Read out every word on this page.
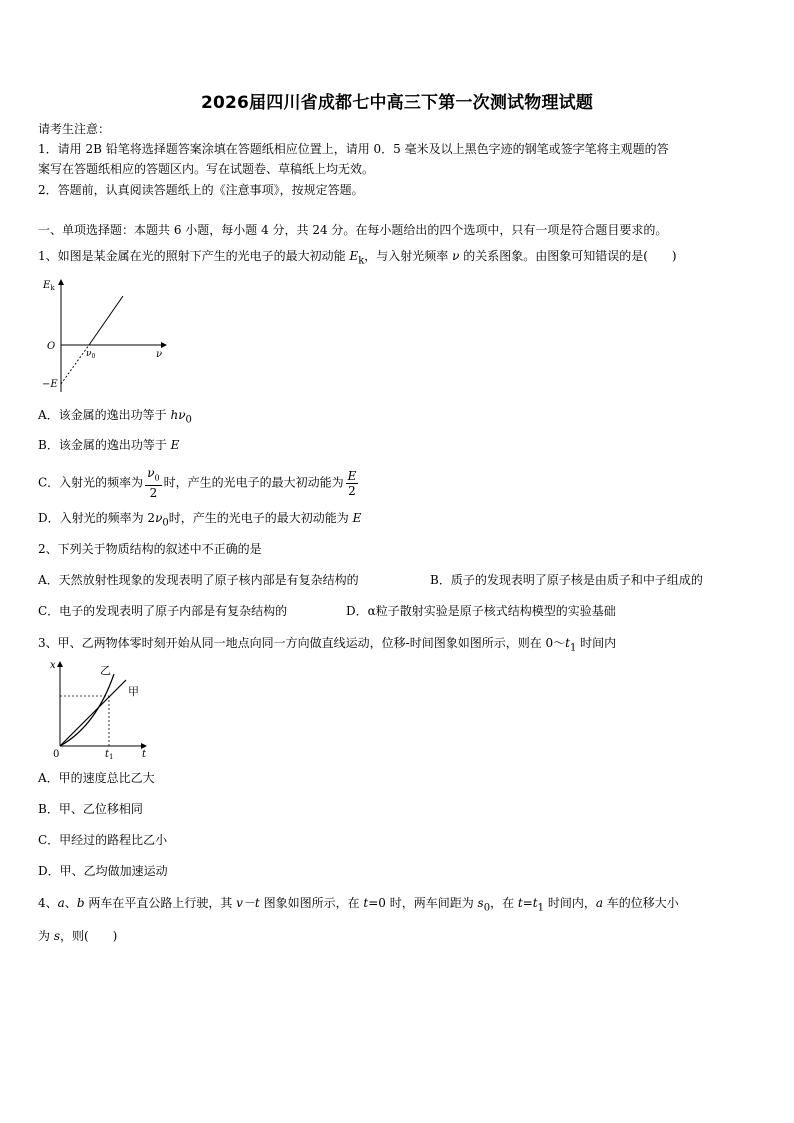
2026届四川省成都七中高三下第一次测试物理试题
请考生注意：
1．请用 2B 铅笔将选择题答案涂填在答题纸相应位置上，请用 0．5 毫米及以上黑色字迹的钢笔或签字笔将主观题的答
案写在答题纸相应的答题区内。写在试题卷、草稿纸上均无效。
2．答题前，认真阅读答题纸上的《注意事项》，按规定答题。
一、单项选择题：本题共 6 小题，每小题 4 分，共 24 分。在每小题给出的四个选项中，只有一项是符合题目要求的。
1、如图是某金属在光的照射下产生的光电子的最大初动能 $E_k$，与入射光频率 ν 的关系图象。由图象可知错误的是(　　)
$E_k$
O
ν
$\nu_0$
−E
A．该金属的逸出功等于 $h\nu_0$
B．该金属的逸出功等于 E
C．入射光的频率为 $\frac{\nu_0}{2}$ 时，产生的光电子的最大初动能为 $\frac{E}{2}$
D．入射光的频率为 $2\nu_0$时，产生的光电子的最大初动能为 E
2、下列关于物质结构的叙述中不正确的是
A．天然放射性现象的发现表明了原子核内部是有复杂结构的	B．质子的发现表明了原子核是由质子和中子组成的
C．电子的发现表明了原子内部是有复杂结构的	D．α粒子散射实验是原子核式结构模型的实验基础
3、甲、乙两物体零时刻开始从同一地点向同一方向做直线运动，位移-时间图象如图所示，则在 $0\sim t_1$ 时间内
x	乙
甲
0	$t_1$	t
A．甲的速度总比乙大
B．甲、乙位移相同
C．甲经过的路程比乙小
D．甲、乙均做加速运动
4、a、b 两车在平直公路上行驶，其 v－t 图象如图所示，在 t=0 时，两车间距为 $s_0$，在 $t=t_1$ 时间内，a 车的位移大小
为 s，则(　　)
